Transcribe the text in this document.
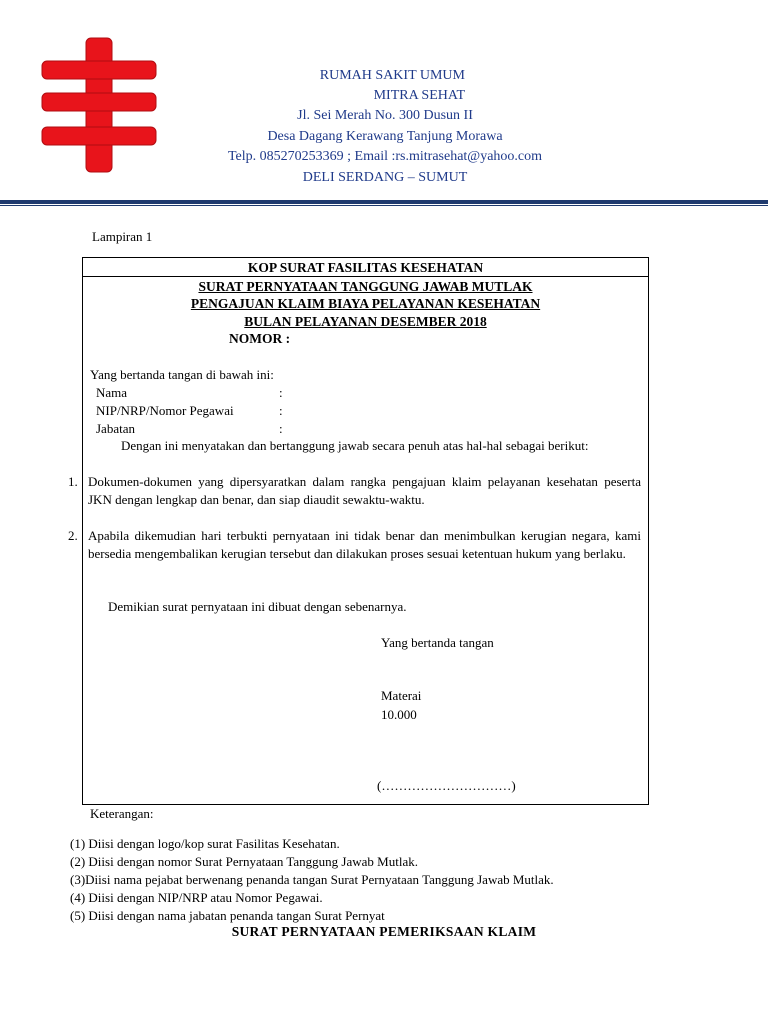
RUMAH SAKIT UMUM
MITRA SEHAT
Jl. Sei Merah No. 300 Dusun II
Desa Dagang Kerawang Tanjung Morawa
Telp. 085270253369 ; Email :rs.mitrasehat@yahoo.com
DELI SERDANG – SUMUT
Lampiran 1
KOP SURAT FASILITAS KESEHATAN
SURAT PERNYATAAN TANGGUNG JAWAB MUTLAK
PENGAJUAN KLAIM BIAYA PELAYANAN KESEHATAN
BULAN PELAYANAN DESEMBER 2018
NOMOR :
Yang bertanda tangan di bawah ini:
Nama	:
NIP/NRP/Nomor Pegawai	:
Jabatan	:
Dengan ini menyatakan dan bertanggung jawab secara penuh atas hal-hal sebagai berikut:
1. Dokumen-dokumen yang dipersyaratkan dalam rangka pengajuan klaim pelayanan kesehatan peserta JKN dengan lengkap dan benar, dan siap diaudit sewaktu-waktu.
2. Apabila dikemudian hari terbukti pernyataan ini tidak benar dan menimbulkan kerugian negara, kami bersedia mengembalikan kerugian tersebut dan dilakukan proses sesuai ketentuan hukum yang berlaku.
Demikian surat pernyataan ini dibuat dengan sebenarnya.
Yang bertanda tangan
Materai
10.000
(…………………………)
Keterangan:
(1) Diisi dengan logo/kop surat Fasilitas Kesehatan.
(2) Diisi dengan nomor Surat Pernyataan Tanggung Jawab Mutlak.
(3)Diisi nama pejabat berwenang penanda tangan Surat Pernyataan Tanggung Jawab Mutlak.
(4) Diisi dengan NIP/NRP atau Nomor Pegawai.
(5) Diisi dengan nama jabatan penanda tangan Surat Pernyat
SURAT PERNYATAAN PEMERIKSAAN KLAIM
